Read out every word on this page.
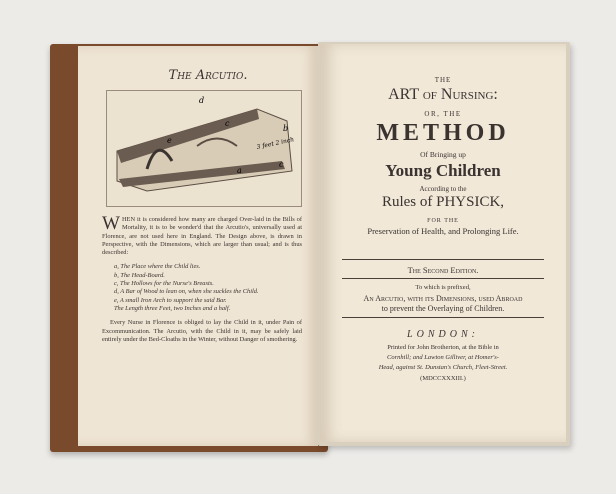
The Arcutio.
d
b
c
e
a
c
3 feet 2 inch
WHEN it is considered how many are charged Over-laid in the Bills of Mortality, it is to be wonder'd that the Arcutio's, universally used at Florence, are not used here in England. The Design above, is drawn in Perspective, with the Dimensions, which are larger than usual; and is thus described:
a, The Place where the Child lies.
b, The Head-Board.
c, The Hollows for the Nurse's Breasts.
d, A Bar of Wood to lean on, when she suckles the Child.
e, A small Iron Arch to support the said Bar.
The Length three Feet, two Inches and a half.

Every Nurse in Florence is obliged to lay the Child in it, under Pain of Excommunication. The Arcutio, with the Child in it, may be safely laid entirely under the Bed-Cloaths in the Winter, without Danger of smothering.

THE
ART of Nursing:
OR, THE
METHOD
Of Bringing up
Young Children
According to the
Rules of PHYSICK,
FOR THE
Preservation of Health, and Prolonging Life.
The Second Edition.
To which is prefixed,
An Arcutio, with its Dimensions, used Abroad
to prevent the Overlaying of Children.
LONDON:
Printed for John Brotherton, at the Bible in
Cornhill; and Lawton Gilliver, at Homer's-
Head, against St. Dunstan's Church, Fleet-Street.
(MDCCXXXIII.)
